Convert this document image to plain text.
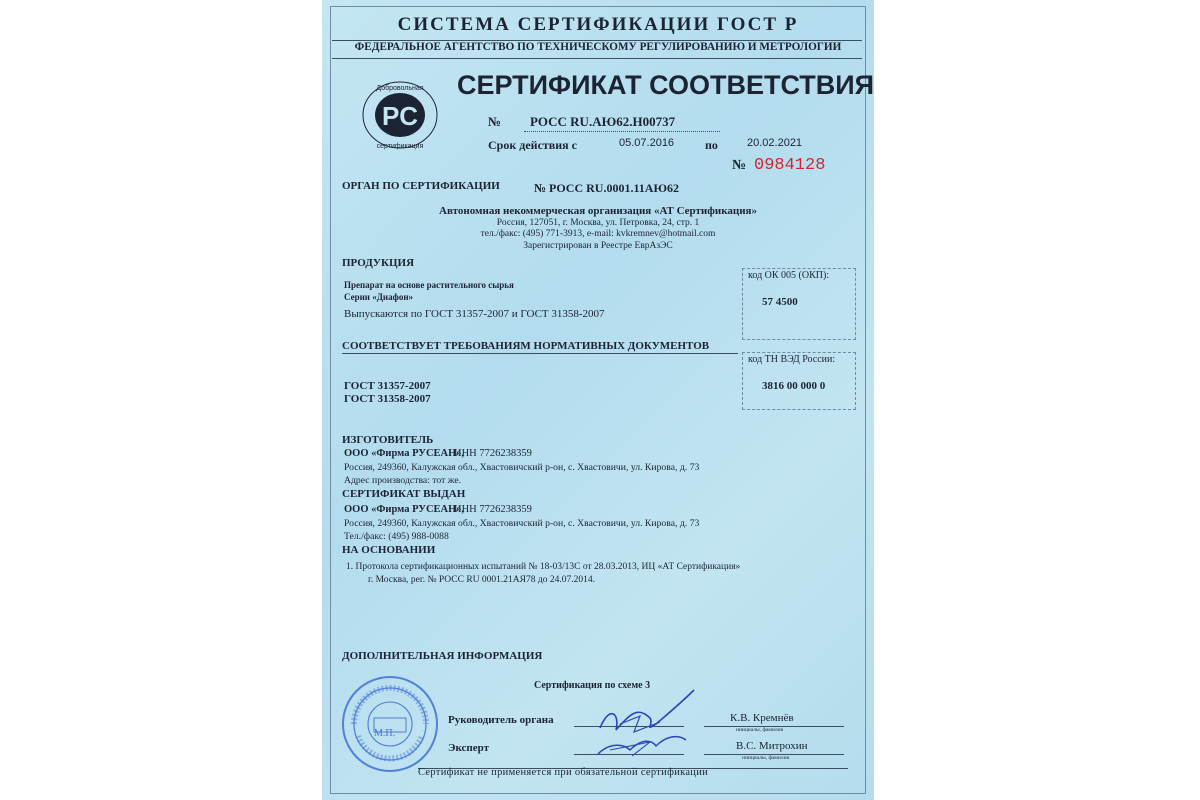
СИСТЕМА СЕРТИФИКАЦИИ ГОСТ Р
ФЕДЕРАЛЬНОЕ АГЕНТСТВО ПО ТЕХНИЧЕСКОМУ РЕГУЛИРОВАНИЮ И МЕТРОЛОГИИ
PC
Добровольная
сертификация
СЕРТИФИКАТ СООТВЕТСТВИЯ
№ РОСС RU.АЮ62.H00737
Срок действия с	05.07.2016	по	20.02.2021
№ 0984128
ОРГАН ПО СЕРТИФИКАЦИИ	№ РОСС RU.0001.11АЮ62
Автономная некоммерческая организация «АТ Сертификация»
Россия, 127051, г. Москва, ул. Петровка, 24, стр. 1
тел./факс: (495) 771-3913, e-mail: kvkremnev@hotmail.com
Зарегистрирован в Реестре ЕврАзЭС
ПРОДУКЦИЯ
Препарат на основе растительного сырья
Серии «Диафон»
Выпускаются по ГОСТ 31357-2007 и ГОСТ 31358-2007
код ОК 005 (ОКП):
57 4500
СООТВЕТСТВУЕТ ТРЕБОВАНИЯМ НОРМАТИВНЫХ ДОКУМЕНТОВ
ГОСТ 31357-2007
ГОСТ 31358-2007
код ТН ВЭД России:
3816 00 000 0
ИЗГОТОВИТЕЛЬ
ООО «Фирма РУСЕАН»,
ИНН 7726238359
Россия, 249360, Калужская обл., Хвастовичский р-он, с. Хвастовичи, ул. Кирова, д. 73
Адрес производства: тот же.
СЕРТИФИКАТ ВЫДАН
ООО «Фирма РУСЕАН»,
ИНН 7726238359
Россия, 249360, Калужская обл., Хвастовичский р-он, с. Хвастовичи, ул. Кирова, д. 73
Тел./факс: (495) 988-0088
НА ОСНОВАНИИ
1. Протокола сертификационных испытаний № 18-03/13С от 28.03.2013, ИЦ «АТ Сертификация»
г. Москва, рег. № РОСС RU 0001.21АЯ78 до 24.07.2014.
ДОПОЛНИТЕЛЬНАЯ ИНФОРМАЦИЯ
Сертификация по схеме 3
М.П.
Руководитель органа	К.В. Кремнёв
инициалы, фамилия
Эксперт	В.С. Митрохин
инициалы, фамилия
Сертификат не применяется при обязательной сертификации
